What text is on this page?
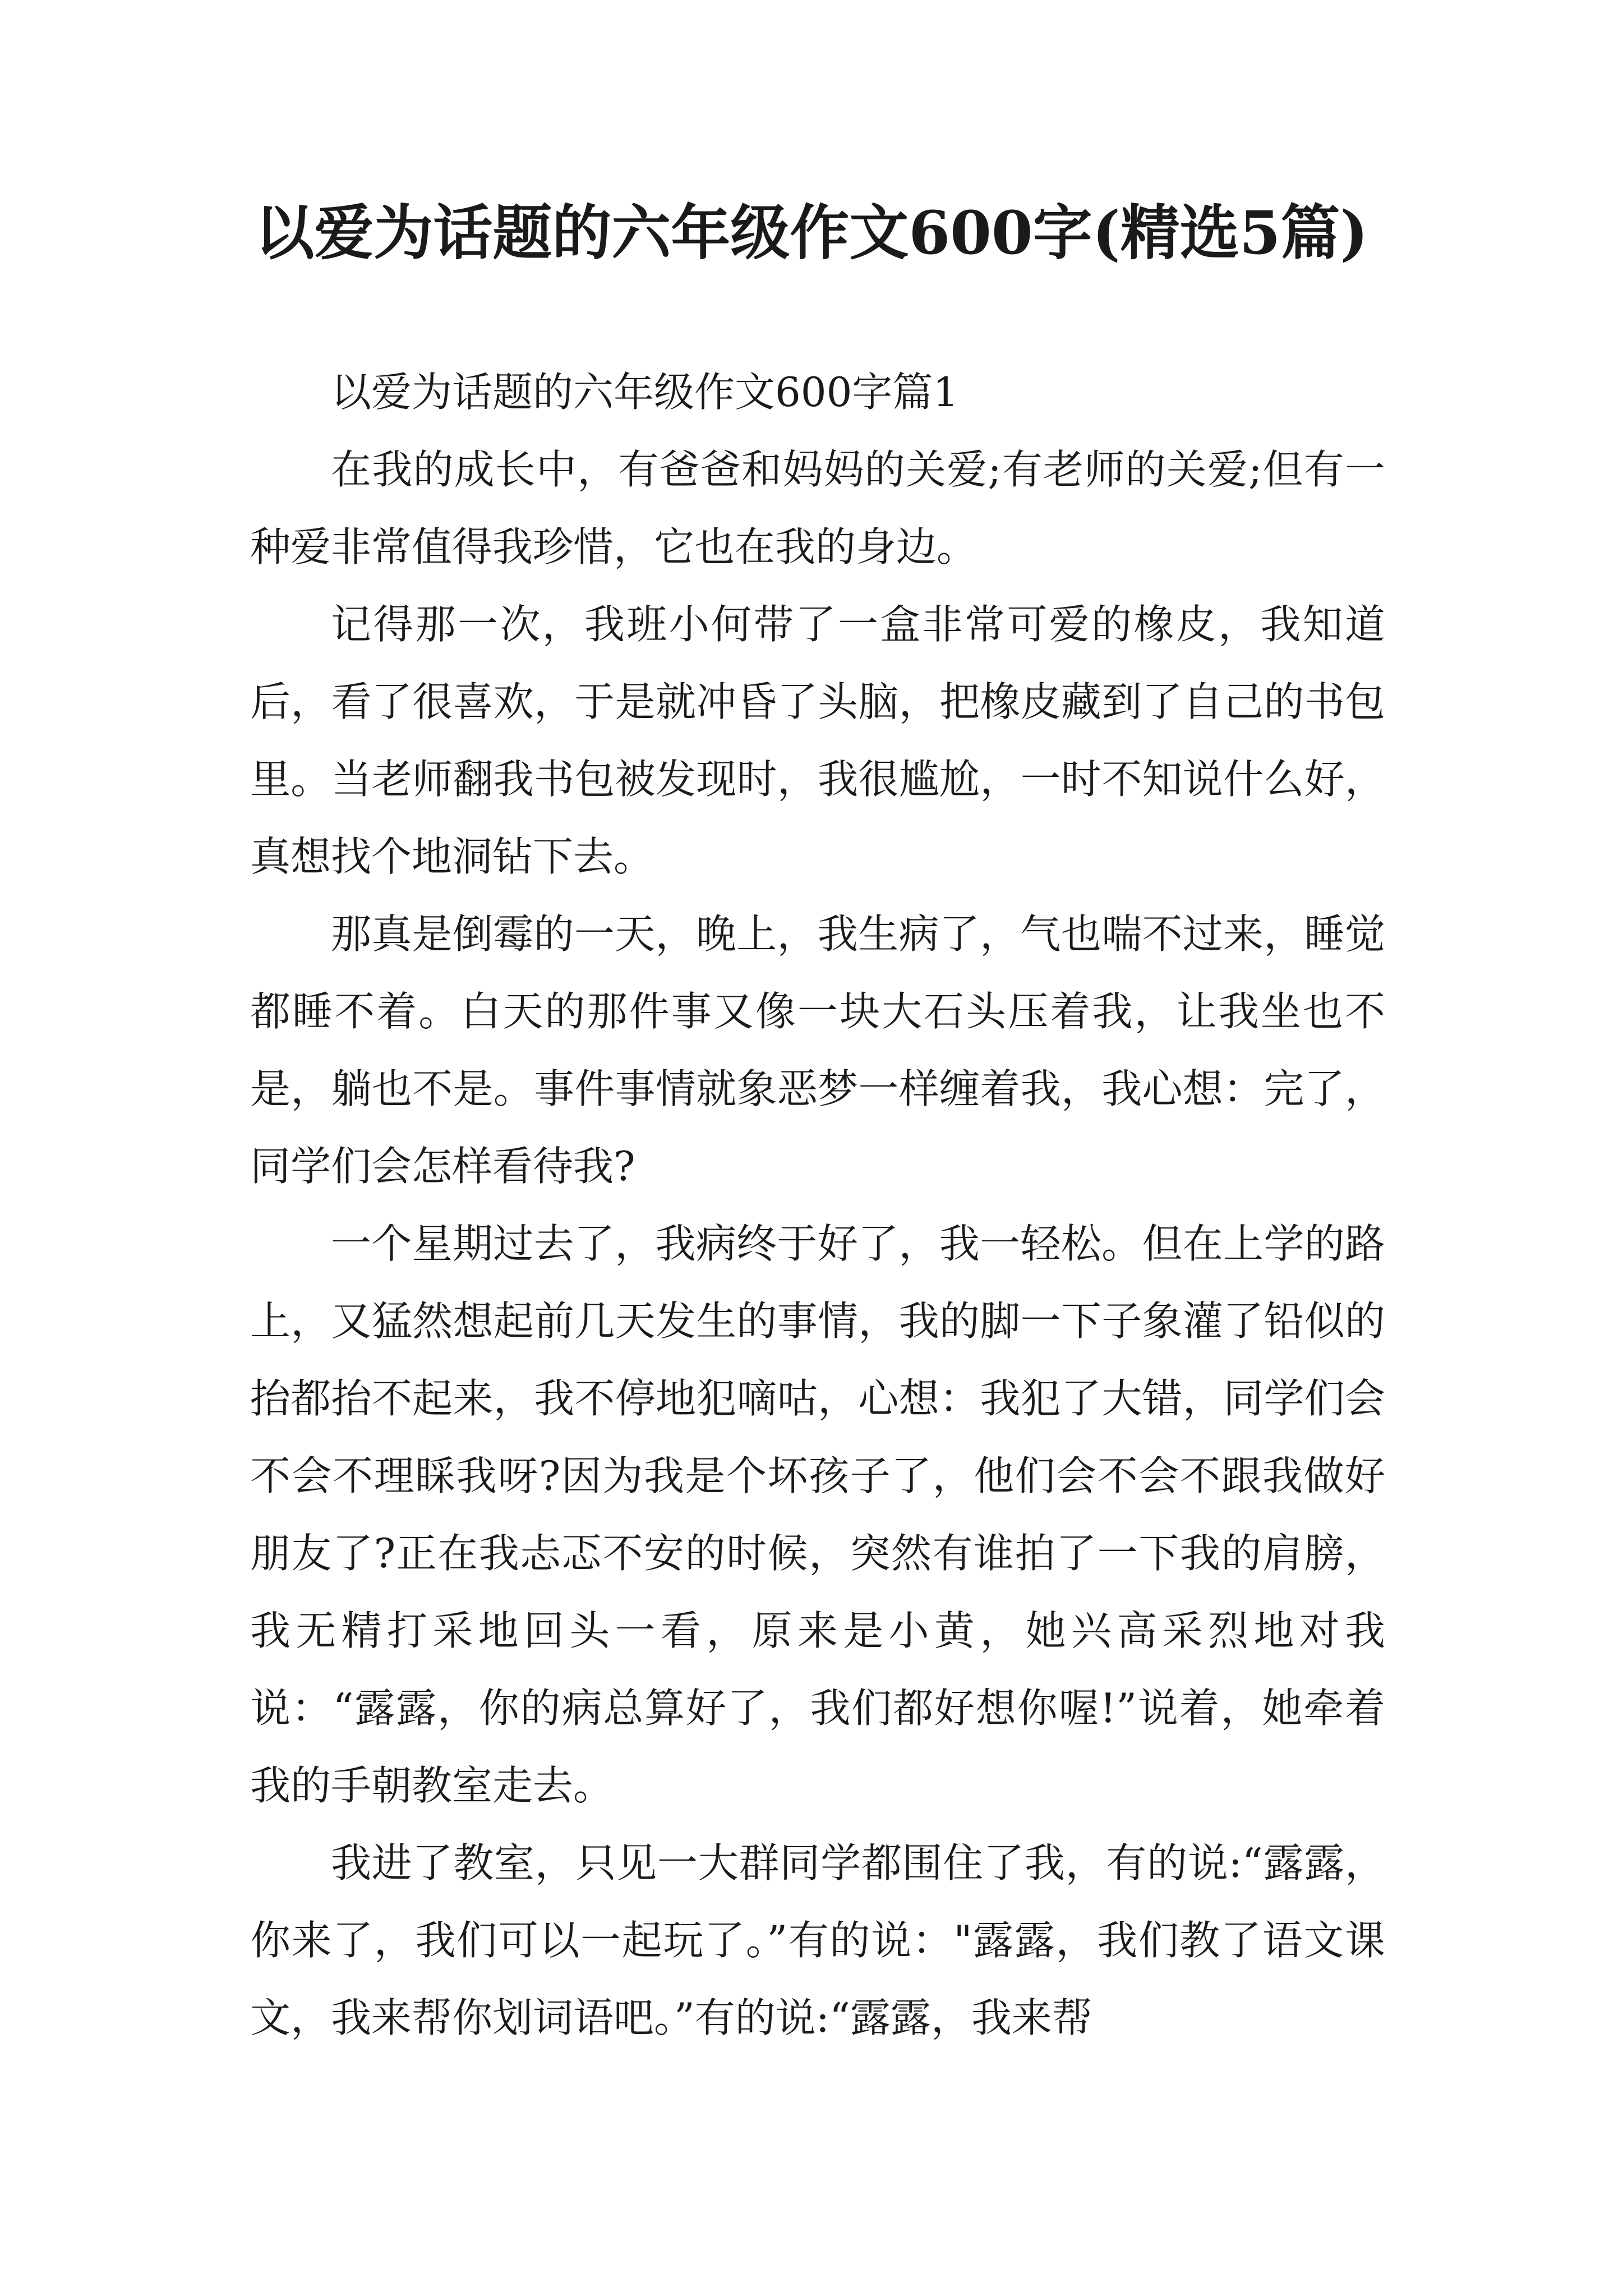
以爱为话题的六年级作文600字(精选5篇)

以爱为话题的六年级作文600字篇1

在我的成长中，有爸爸和妈妈的关爱;有老师的关爱;但有一种爱非常值得我珍惜，它也在我的身边。

记得那一次，我班小何带了一盒非常可爱的橡皮，我知道后，看了很喜欢，于是就冲昏了头脑，把橡皮藏到了自己的书包里。当老师翻我书包被发现时，我很尴尬，一时不知说什么好，真想找个地洞钻下去。

那真是倒霉的一天，晚上，我生病了，气也喘不过来，睡觉都睡不着。白天的那件事又像一块大石头压着我，让我坐也不是，躺也不是。事件事情就象恶梦一样缠着我，我心想：完了，同学们会怎样看待我?

一个星期过去了，我病终于好了，我一轻松。但在上学的路上，又猛然想起前几天发生的事情，我的脚一下子象灌了铅似的抬都抬不起来，我不停地犯嘀咕，心想：我犯了大错，同学们会不会不理睬我呀?因为我是个坏孩子了，他们会不会不跟我做好朋友了?正在我忐忑不安的时候，突然有谁拍了一下我的肩膀，我无精打采地回头一看，原来是小黄，她兴高采烈地对我说：“露露，你的病总算好了，我们都好想你喔!”说着，她牵着我的手朝教室走去。

我进了教室，只见一大群同学都围住了我，有的说:“露露，你来了，我们可以一起玩了。”有的说："露露，我们教了语文课文，我来帮你划词语吧。”有的说:“露露，我来帮
